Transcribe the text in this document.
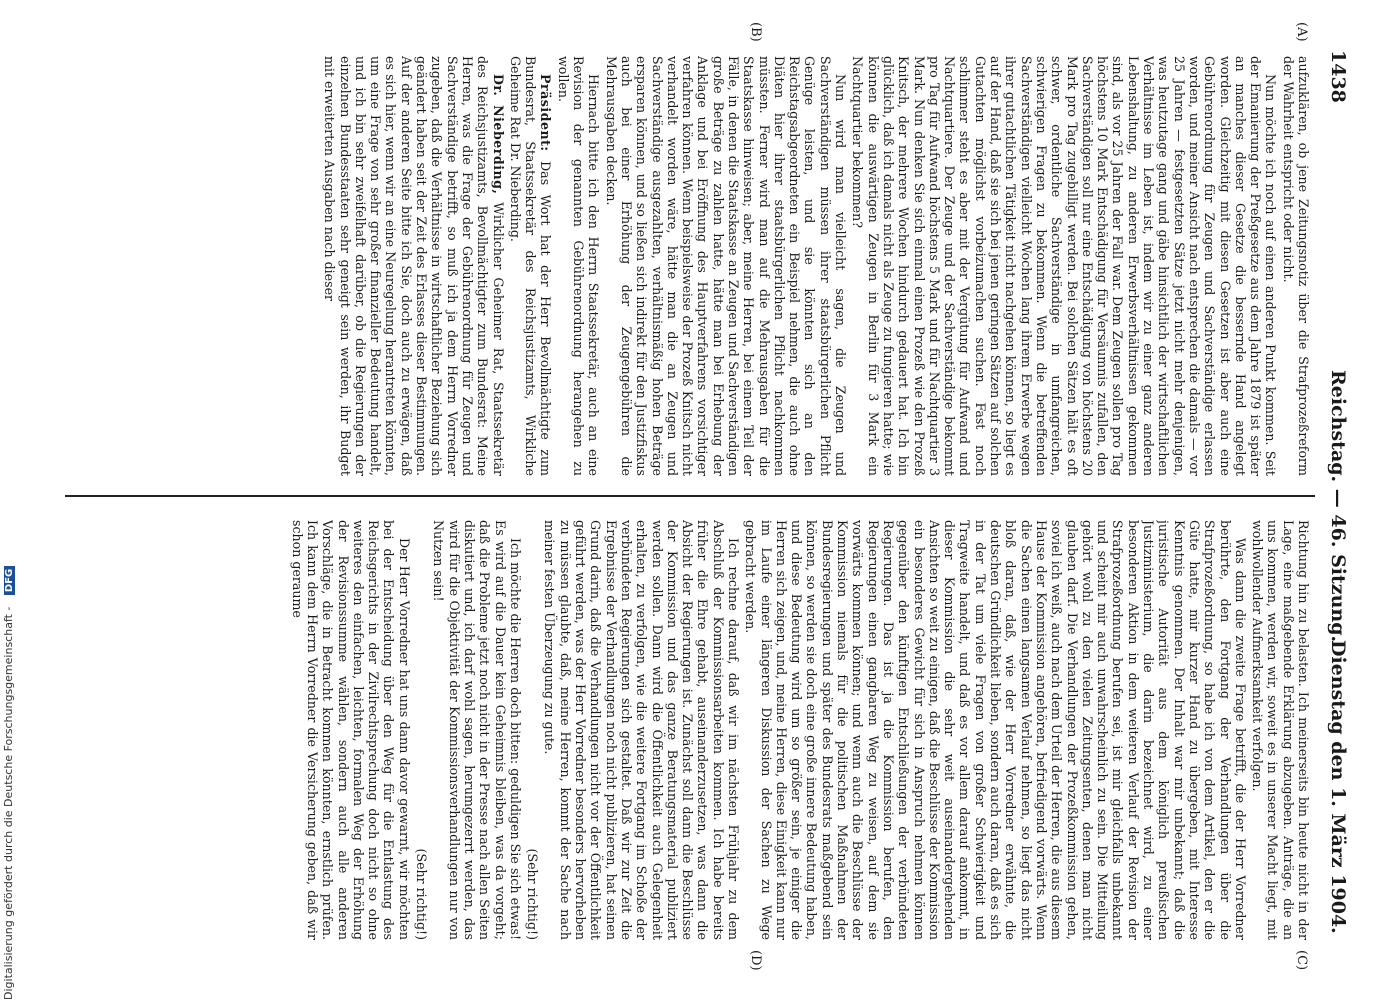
1438
Reichstag. — 46. Sitzung.
Dienstag den 1. März 1904.
(A)
(B)
(C)
(D)

aufzuklären, ob jene Zeitungsnotiz über die Strafprozeßreform der Wahrheit entspricht oder nicht.

Nun möchte ich noch auf einen anderen Punkt kommen. Seit der Emanierung der Preßgesetze aus dem Jahre 1879 ist später an manches dieser Gesetze die bessernde Hand angelegt worden. Gleichzeitig mit diesen Gesetzen ist aber auch eine Gebührenordnung für Zeugen und Sachverständige erlassen worden, und meiner Ansicht nach entsprechen die damals — vor 25 Jahren — festgesetzten Sätze jetzt nicht mehr denjenigen, was heutzutage gang und gäbe hinsichtlich der wirtschaftlichen Verhältnisse im Leben ist, indem wir zu einer ganz anderen Lebenshaltung, zu anderen Erwerbsverhältnissen gekommen sind, als vor 25 Jahren der Fall war. Dem Zeugen sollen pro Tag höchstens 10 Mark Entschädigung für Versäumnis zufallen, den Sachverständigen soll nur eine Entschädigung von höchstens 20 Mark pro Tag zugebilligt werden. Bei solchen Sätzen hält es oft schwer, ordentliche Sachverständige in umfangreichen, schwierigen Fragen zu bekommen. Wenn die betreffenden Sachverständigen vielleicht Wochen lang ihrem Erwerbe wegen ihrer gutachtlichen Tätigkeit nicht nachgehen können, so liegt es auf der Hand, daß sie sich bei jenen geringen Sätzen auf solchen Gutachten möglichst vorbeizumachen suchen. Fast noch schlimmer steht es aber mit der Vergütung für Aufwand und Nachtquartiere. Der Zeuge und der Sachverständige bekommt pro Tag für Aufwand höchstens 5 Mark und für Nachtquartier 3 Mark. Nun denken Sie sich einmal einen Prozeß wie den Prozeß Knitsch, der mehrere Wochen hindurch gedauert hat. Ich bin glücklich, daß ich damals nicht als Zeuge zu fungieren hatte; wie können die auswärtigen Zeugen in Berlin für 3 Mark ein Nachtquartier bekommen?

Nun wird man vielleicht sagen, die Zeugen und Sachverständigen müssen ihrer staatsbürgerlichen Pflicht Genüge leisten, und sie könnten sich an den Reichstagsabgeordneten ein Beispiel nehmen, die auch ohne Diäten hier ihrer staatsbürgerlichen Pflicht nachkommen müssten. Ferner wird man auf die Mehrausgaben für die Staatskasse hinweisen; aber, meine Herren, bei einem Teil der Fälle, in denen die Staatskasse an Zeugen und Sachverständigen große Beträge zu zahlen hatte, hätte man bei Erhebung der Anklage und bei Eröffnung des Hauptverfahrens vorsichtiger verfahren können. Wenn beispielsweise der Prozeß Knitsch nicht verhandelt worden wäre, hätte man die an Zeugen und Sachverständige ausgezahlten, verhältnismäßig hohen Beträge ersparen können, und so ließen sich indirekt für den Justizfiskus auch bei einer Erhöhung der Zeugengebühren die Mehrausgaben decken.

Hiernach bitte ich den Herrn Staatssekretär, auch an eine Revision der genannten Gebührenordnung herangehen zu wollen.

Präsident: Das Wort hat der Herr Bevollmächtigte zum Bundesrat, Staatssekretär des Reichsjustizamts, Wirkliche Geheime Rat Dr. Nieberding.

Dr. Nieberding, Wirklicher Geheimer Rat, Staatssekretär des Reichsjustizamts, Bevollmächtigter zum Bundesrat: Meine Herren, was die Frage der Gebührenordnung für Zeugen und Sachverständige betrifft, so muß ich ja dem Herrn Vorredner zugeben, daß die Verhältnisse in wirtschaftlicher Beziehung sich geändert haben seit der Zeit des Erlasses dieser Bestimmungen. Auf der anderen Seite bitte ich Sie, doch auch zu erwägen, daß es sich hier, wenn wir an eine Neuregelung herantreten könnten, um eine Frage von sehr großer finanzieller Bedeutung handelt, und ich bin sehr zweifelhaft darüber, ob die Regierungen der einzelnen Bundesstaaten sehr geneigt sein werden, ihr Budget mit erweiterten Ausgaben nach dieser

Richtung hin zu belasten. Ich meinerseits bin heute nicht in der Lage, eine maßgebende Erklärung abzugeben. Anträge, die an uns kommen, werden wir, soweit es in unserer Macht liegt, mit wohlwollender Aufmerksamkeit verfolgen.

Was dann die zweite Frage betrifft, die der Herr Vorredner berührte, den Fortgang der Verhandlungen über die Strafprozeßordnung, so habe ich von dem Artikel, den er die Güte hatte, mir kurzer Hand zu übergeben, mit Interesse Kenntnis genommen. Der Inhalt war mir unbekannt; daß die juristische Autorität aus dem königlich preußischen Justizministerium, die darin bezeichnet wird, zu einer besonderen Aktion in dem weiteren Verlauf der Revision der Strafprozeßordnung berufen sei, ist mir gleichfalls unbekannt und scheint mir auch unwahrscheinlich zu sein. Die Mitteilung gehört wohl zu den vielen Zeitungsenten, denen man nicht glauben darf. Die Verhandlungen der Prozeßkommission gehen, soviel ich weiß, auch nach dem Urteil der Herren, die aus diesem Hause der Kommission angehören, befriedigend vorwärts. Wenn die Sachen einen langsamen Verlauf nehmen, so liegt das nicht bloß daran, daß, wie der Herr Vorredner erwähnte, die deutschen Gründlichkeit lieben, sondern auch daran, daß es sich in der Tat um viele Fragen von großer Schwierigkeit und Tragweite handelt, und daß es vor allem darauf ankommt, in dieser Kommission die sehr weit auseinandergehenden Ansichten so weit zu einigen, daß die Beschlüsse der Kommission ein besonderes Gewicht für sich in Anspruch nehmen können gegenüber den künftigen Entschließungen der verbündeten Regierungen. Das ist ja die Kommission berufen, den Regierungen einen gangbaren Weg zu weisen, auf dem sie vorwärts kommen können; und wenn auch die Beschlüsse der Kommission niemals für die politischen Maßnahmen der Bundesregierungen und später des Bundesrats maßgebend sein können, so werden sie doch eine große innere Bedeutung haben, und diese Bedeutung wird um so größer sein, je einiger die Herren sich zeigen, und, meine Herren, diese Einigkeit kann nur im Laufe einer längeren Diskussion der Sachen zu Wege gebracht werden.

Ich rechne darauf, daß wir im nächsten Frühjahr zu dem Abschluß der Kommissionsarbeiten kommen. Ich habe bereits früher die Ehre gehabt, auseinanderzusetzen, was dann die Absicht der Regierungen ist. Zunächst soll dann die Beschlüsse der Kommission und das ganze Beratungsmaterial publiziert werden sollen. Dann wird die Öffentlichkeit auch Gelegenheit erhalten, zu verfolgen, wie die weitere Fortgang im Schoße der verbündeten Regierungen sich gestaltet. Daß wir zur Zeit die Ergebnisse der Verhandlungen noch nicht publizieren, hat seinen Grund darin, daß die Verhandlungen nicht vor der Öffentlichkeit geführt werden, was der Herr Vorredner besonders hervorheben zu müssen glaubte, daß, meine Herren, kommt der Sache nach meiner festen Überzeugung zu gute.

(Sehr richtig!)

Ich möchte die Herren doch bitten: geduldigen Sie sich etwas! Es wird auf die Dauer kein Geheimnis bleiben, was da vorgeht; daß die Probleme jetzt noch nicht in der Presse nach allen Seiten diskutiert und, ich darf wohl sagen, herumgezerrt werden, das wird für die Objektivität der Kommissionsverhandlungen nur von Nutzen sein!

(Sehr richtig!)

Der Herr Vorredner hat uns dann davor gewarnt, wir möchten bei der Entscheidung über den Weg für die Entlastung des Reichsgerichts in der Zivilrechtsprechung doch nicht so ohne weiteres den einfachen, leichten, formalen Weg der Erhöhung der Revisionssumme wählen, sondern auch alle anderen Vorschläge, die in Betracht kommen könnten, ernstlich prüfen. Ich kann dem Herrn Vorredner die Versicherung geben, daß wir schon geraume

Digitalisierung gefördert durch die Deutsche Forschungsgemeinschaft - DFG
